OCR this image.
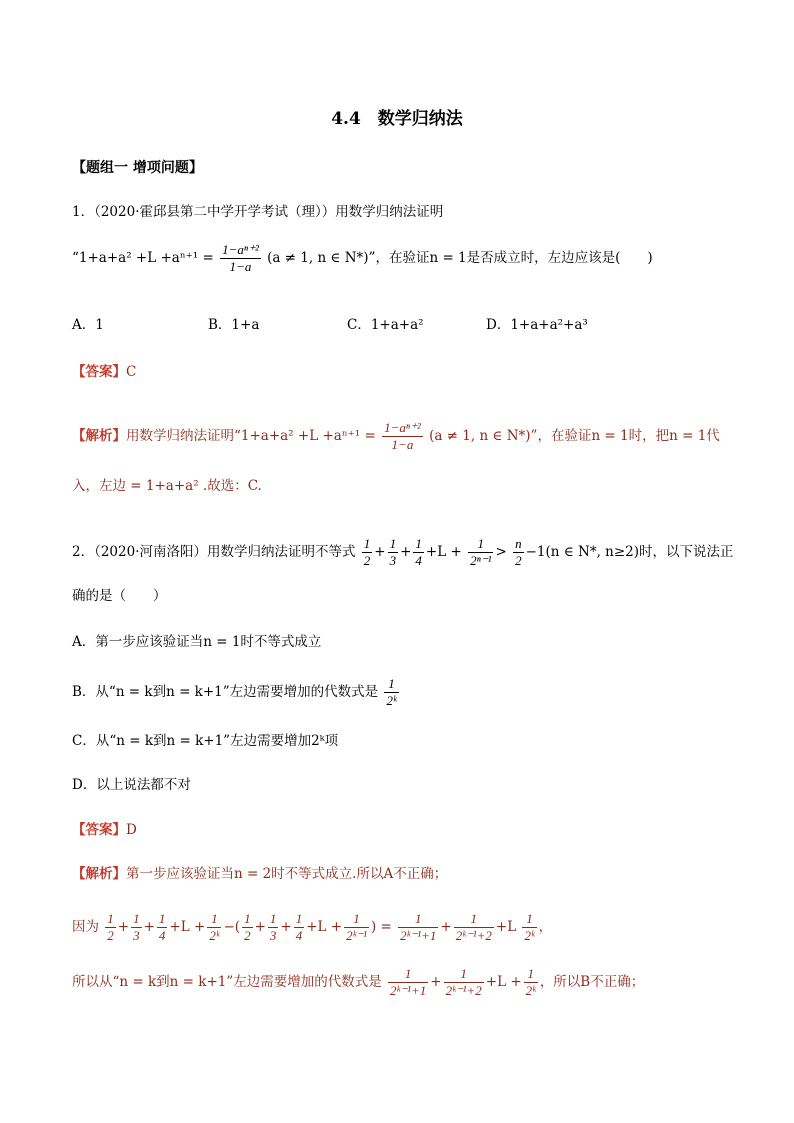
4.4　数学归纳法
【题组一 增项问题】
1．（2020·霍邱县第二中学开学考试（理））用数学归纳法证明
“$1+a+a^2 +L +a^{n+1} = \frac{\text{1−aⁿ⁺²}}{1-a} (a \ne 1$, n ∈ N*)”，在验证n = 1是否成立时，左边应该是(　　)
A．1	B．1+a	C．1+a+a²	D．1+a+a²+a³
【答案】C
【解析】用数学归纳法证明“$1+a+a^2 +L +a^{n+1} = \frac{\text{1−aⁿ⁺²}}{1-a} (a \ne 1$, n ∈ N*)”，在验证n = 1时，把n = 1代
入，左边 = 1+a+a² .故选：C.
2．（2020·河南洛阳）用数学归纳法证明不等式 $\frac{1}{2} + \frac{1}{3} + \frac{1}{4} +L + \frac{1}{\text{2ⁿ⁻¹}} > \frac{n}{2} -1(n$ ∈ N*, n≥2)时，以下说法正
确的是（　　）
A．第一步应该验证当n = 1时不等式成立
B．从“n = k到n = k+1”左边需要增加的代数式是 $\frac{1}{\text{2ᵏ}}$
C．从“n = k到n = k+1”左边需要增加2ᵏ项
D．以上说法都不对
【答案】D
【解析】第一步应该验证当n = 2时不等式成立.所以A不正确；
因为 $\frac{1}{2} + \frac{1}{3} + \frac{1}{4} +L + \frac{1}{\text{2ᵏ}}$ −( $\frac{1}{2} + \frac{1}{3} + \frac{1}{4} +L + \frac{1}{\text{2ᵏ⁻¹}}$ ) = $\frac{1}{\text{2ᵏ⁻¹+1}} + \frac{1}{\text{2ᵏ⁻¹+2}} +L \frac{1}{\text{2ᵏ}}$ ，
所以从“n = k到n = k+1”左边需要增加的代数式是 $\frac{1}{\text{2ᵏ⁻¹+1}} + \frac{1}{\text{2ᵏ⁻¹+2}} +L + \frac{1}{\text{2ᵏ}}$ ，所以B不正确；
